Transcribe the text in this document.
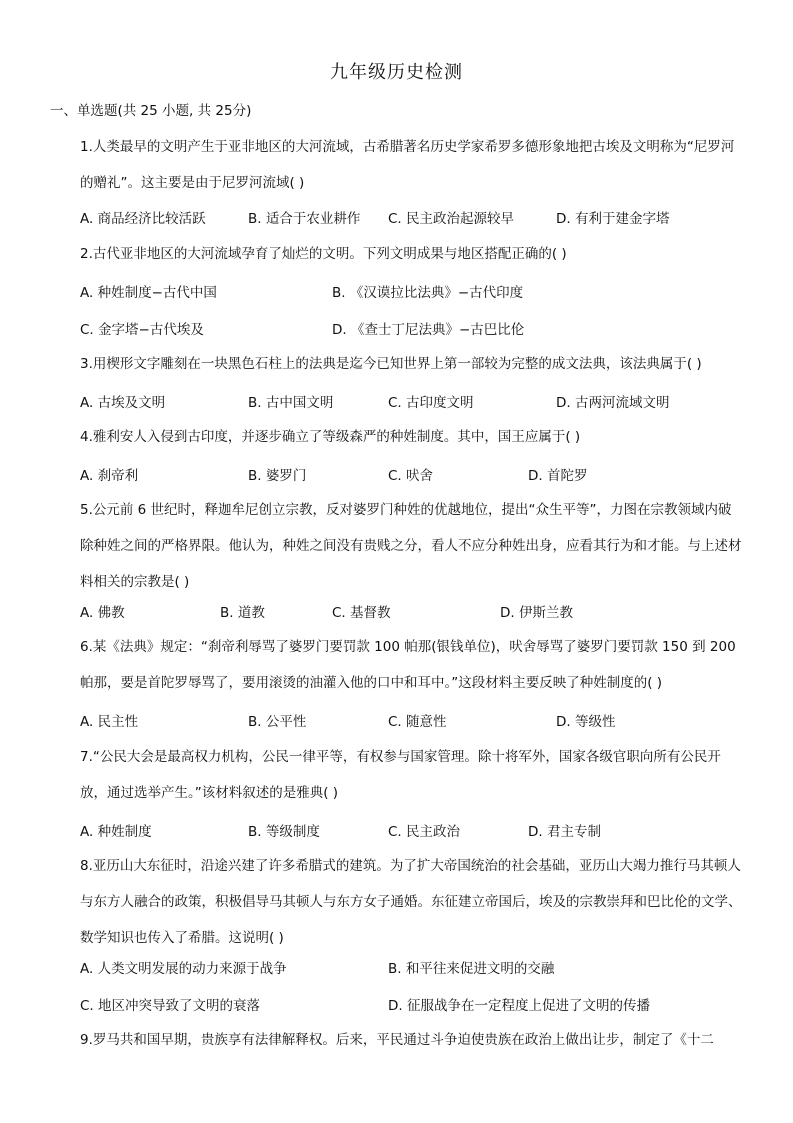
九年级历史检测
一、单选题(共 25 小题, 共 25分)
1.人类最早的文明产生于亚非地区的大河流域，古希腊著名历史学家希罗多德形象地把古埃及文明称为“尼罗河的赠礼”。这主要是由于尼罗河流域( )
A. 商品经济比较活跃	B. 适合于农业耕作 C. 民主政治起源较早	D. 有利于建金字塔
2.古代亚非地区的大河流域孕育了灿烂的文明。下列文明成果与地区搭配正确的( )
A. 种姓制度−古代中国	B. 《汉谟拉比法典》−古代印度
C. 金字塔−古代埃及	D. 《查士丁尼法典》−古巴比伦
3.用楔形文字雕刻在一块黑色石柱上的法典是迄今已知世界上第一部较为完整的成文法典，该法典属于( )
A. 古埃及文明	B. 古中国文明	C. 古印度文明	D. 古两河流域文明
4.雅利安人入侵到古印度，并逐步确立了等级森严的种姓制度。其中，国王应属于( )
A. 刹帝利	B. 婆罗门	C. 吠舍	D. 首陀罗
5.公元前 6 世纪时，释迦牟尼创立宗教，反对婆罗门种姓的优越地位，提出“众生平等”，力图在宗教领域内破除种姓之间的严格界限。他认为，种姓之间没有贵贱之分，看人不应分种姓出身，应看其行为和才能。与上述材料相关的宗教是( )
A. 佛教	B. 道教	C. 基督教	D. 伊斯兰教
6.某《法典》规定：“刹帝利辱骂了婆罗门要罚款 100 帕那(银钱单位)，吠舍辱骂了婆罗门要罚款 150 到 200 帕那，要是首陀罗辱骂了，要用滚烫的油灌入他的口中和耳中。”这段材料主要反映了种姓制度的( )
A. 民主性	B. 公平性	C. 随意性	D. 等级性
7.“公民大会是最高权力机构，公民一律平等，有权参与国家管理。除十将军外，国家各级官职向所有公民开放，通过选举产生。”该材料叙述的是雅典( )
A. 种姓制度	B. 等级制度	C. 民主政治	D. 君主专制
8.亚历山大东征时，沿途兴建了许多希腊式的建筑。为了扩大帝国统治的社会基础，亚历山大竭力推行马其顿人与东方人融合的政策，积极倡导马其顿人与东方女子通婚。东征建立帝国后，埃及的宗教崇拜和巴比伦的文学、数学知识也传入了希腊。这说明( )
A. 人类文明发展的动力来源于战争	B. 和平往来促进文明的交融
C. 地区冲突导致了文明的衰落	D. 征服战争在一定程度上促进了文明的传播
9.罗马共和国早期，贵族享有法律解释权。后来，平民通过斗争迫使贵族在政治上做出让步，制定了《十二
